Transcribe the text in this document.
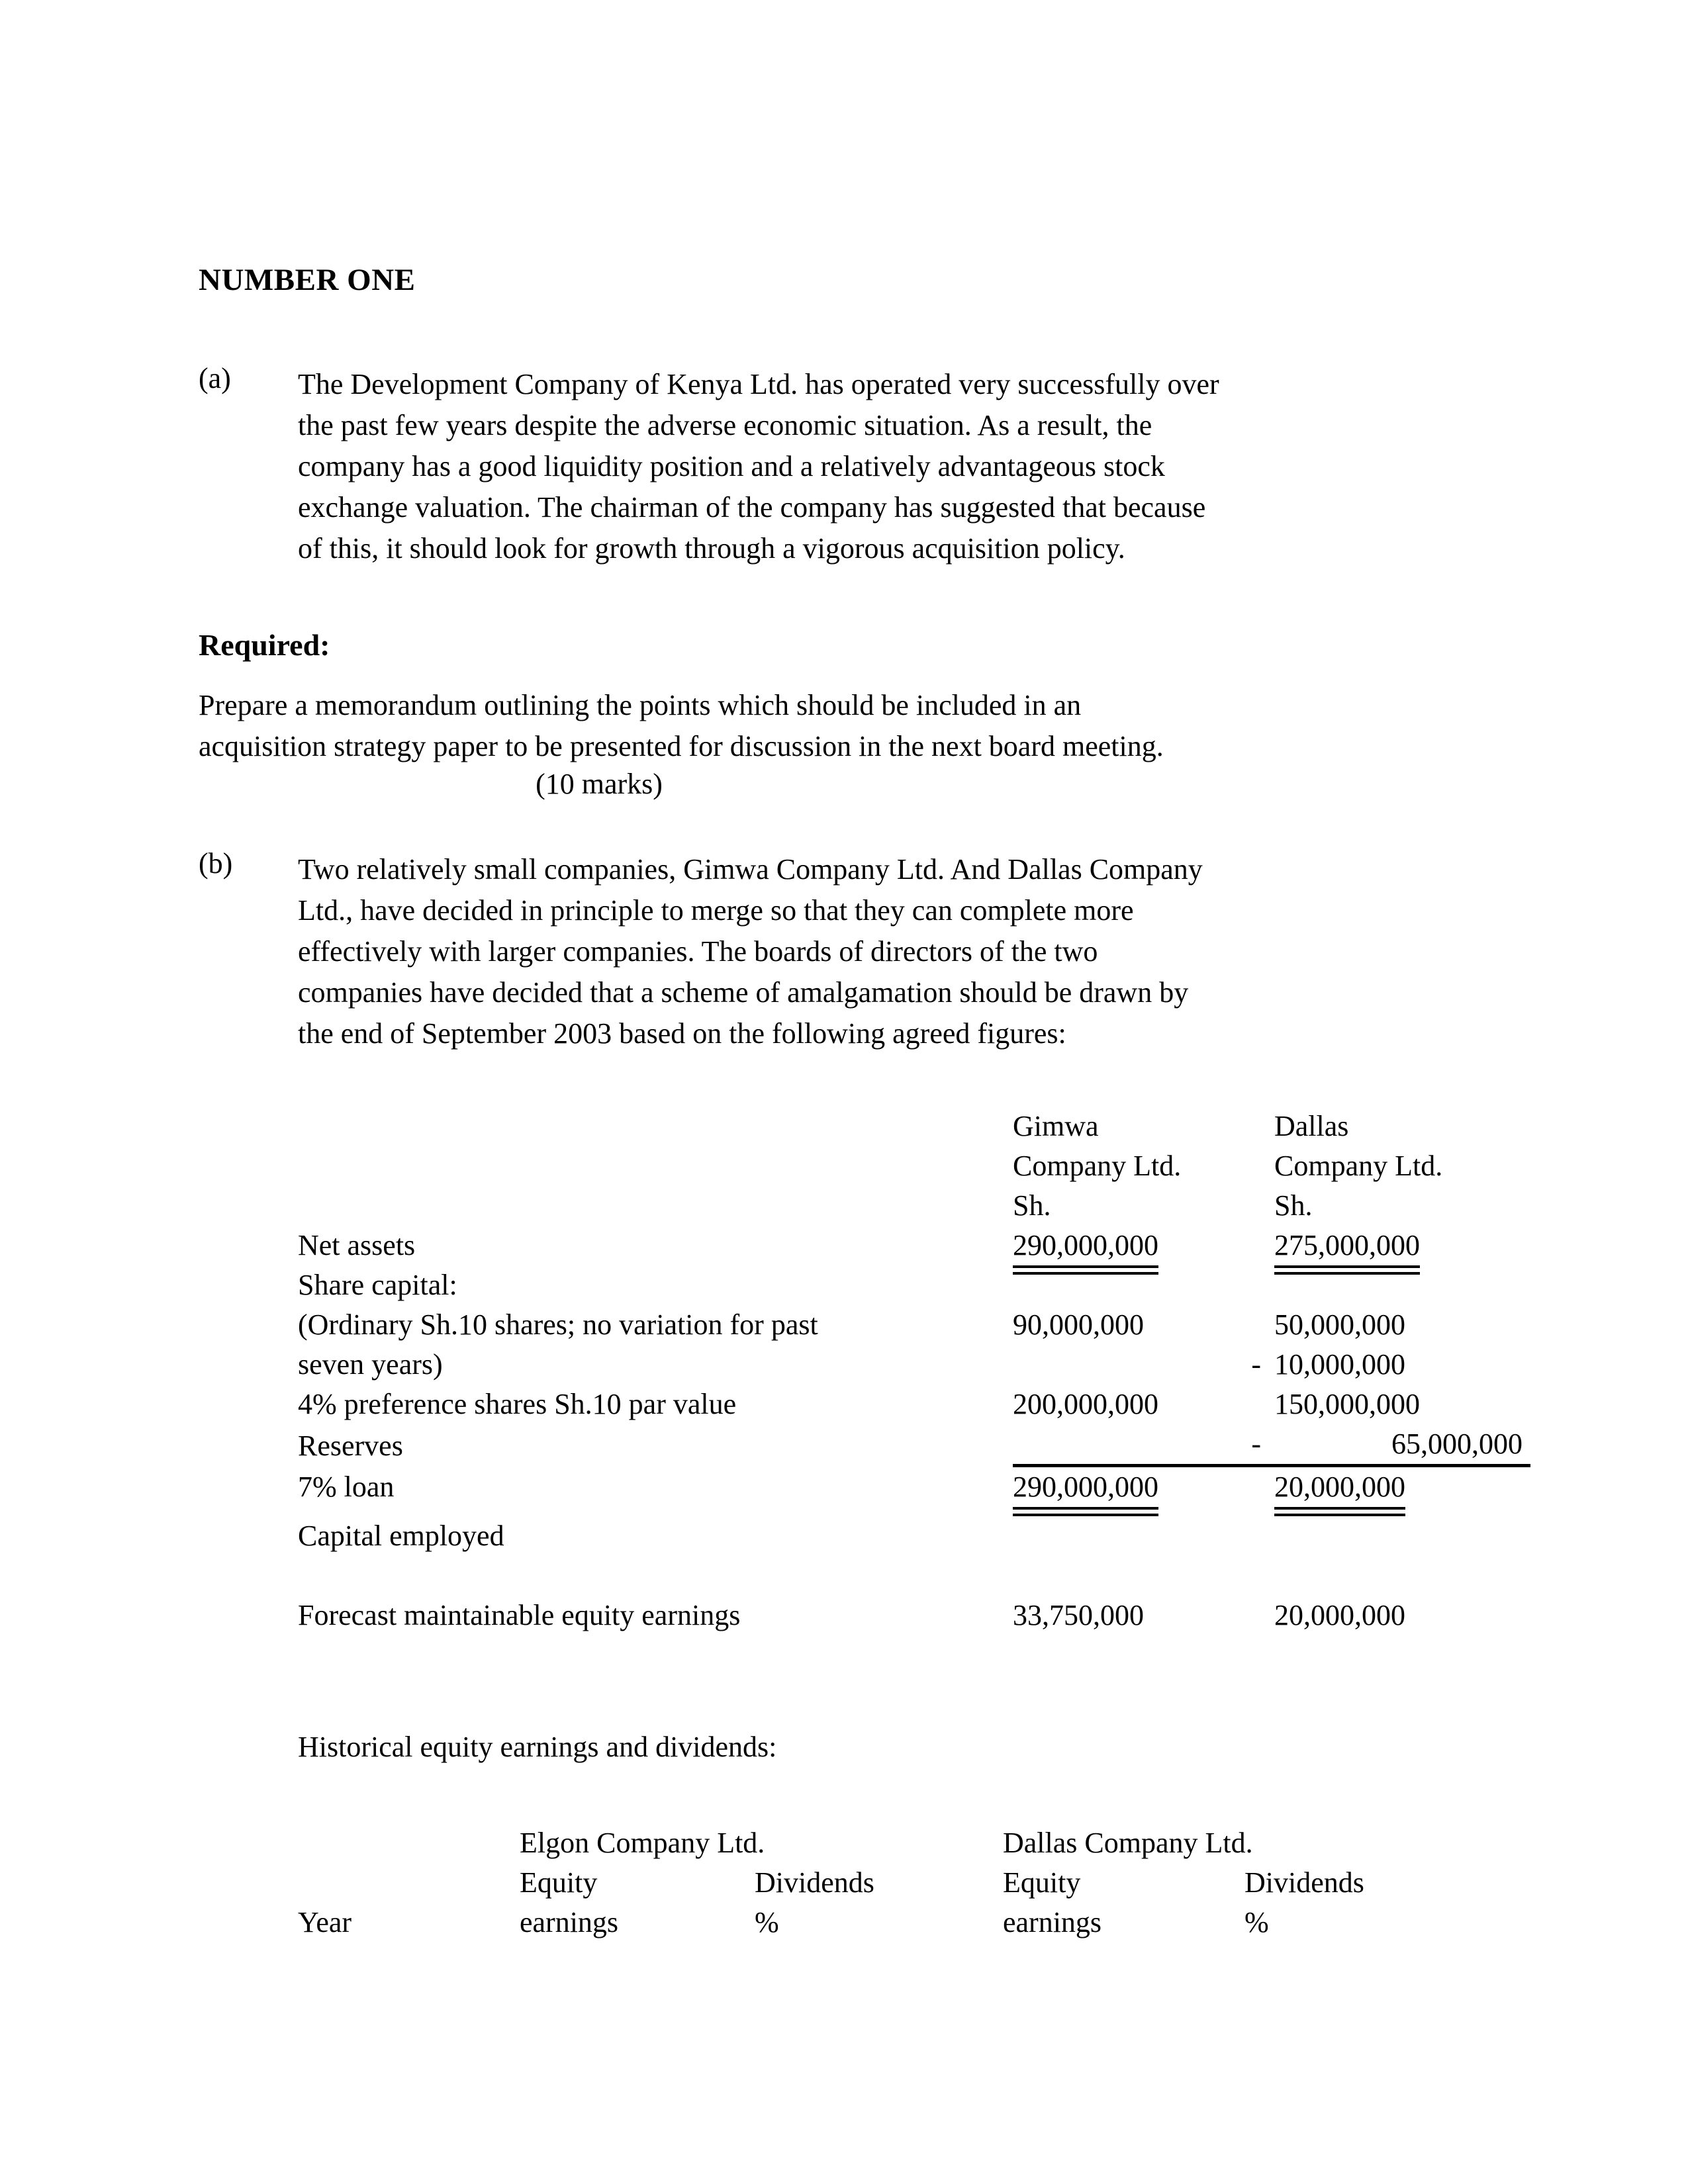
NUMBER ONE
(a)	The Development Company of Kenya Ltd. has operated very successfully over
the past few years despite the adverse economic situation. As a result, the
company has a good liquidity position and a relatively advantageous stock
exchange valuation. The chairman of the company has suggested that because
of this, it should look for growth through a vigorous acquisition policy.
Required:
Prepare a memorandum outlining the points which should be included in an
acquisition strategy paper to be presented for discussion in the next board meeting.
(10 marks)
(b)	Two relatively small companies, Gimwa Company Ltd. And Dallas Company
Ltd., have decided in principle to merge so that they can complete more
effectively with larger companies. The boards of directors of the two
companies have decided that a scheme of amalgamation should be drawn by
the end of September 2003 based on the following agreed figures:
	Gimwa	Dallas
	Company Ltd.	Company Ltd.
	Sh.	Sh.
Net assets	290,000,000	275,000,000
Share capital:		
(Ordinary Sh.10 shares; no variation for past	90,000,000	50,000,000
seven years)	-	10,000,000
4% preference shares Sh.10 par value	200,000,000	150,000,000
Reserves	-	65,000,000
7% loan	290,000,000	20,000,000
Capital employed		

Forecast maintainable equity earnings	33,750,000	20,000,000
Historical equity earnings and dividends:
	Elgon Company Ltd.		Dallas Company Ltd.	
	Equity	Dividends	Equity	Dividends
Year	earnings	%	earnings	%
